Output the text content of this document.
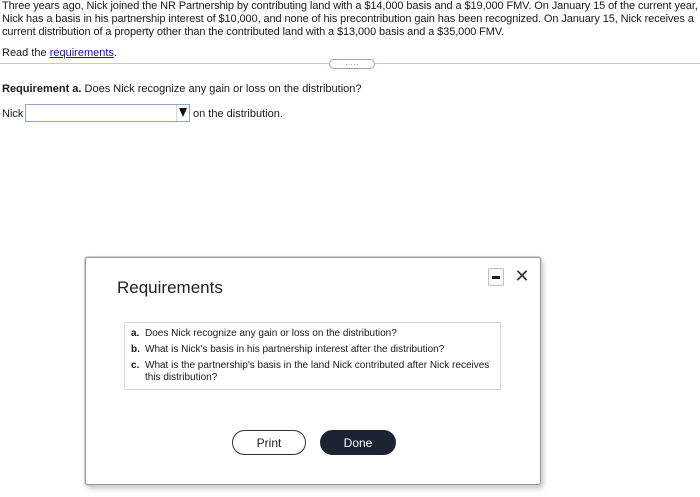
Three years ago, Nick joined the NR Partnership by contributing land with a $14,000 basis and a $19,000 FMV. On January 15 of the current year, Nick has a basis in his partnership interest of $10,000, and none of his precontribution gain has been recognized. On January 15, Nick receives a current distribution of a property other than the contributed land with a $13,000 basis and a $35,000 FMV.
Read the requirements.
.....
Requirement a. Does Nick recognize any gain or loss on the distribution?
Nick	on the distribution.
Requirements
✕
a. Does Nick recognize any gain or loss on the distribution?
b. What is Nick's basis in his partnership interest after the distribution?
c. What is the partnership's basis in the land Nick contributed after Nick receives this distribution?
Print	Done
